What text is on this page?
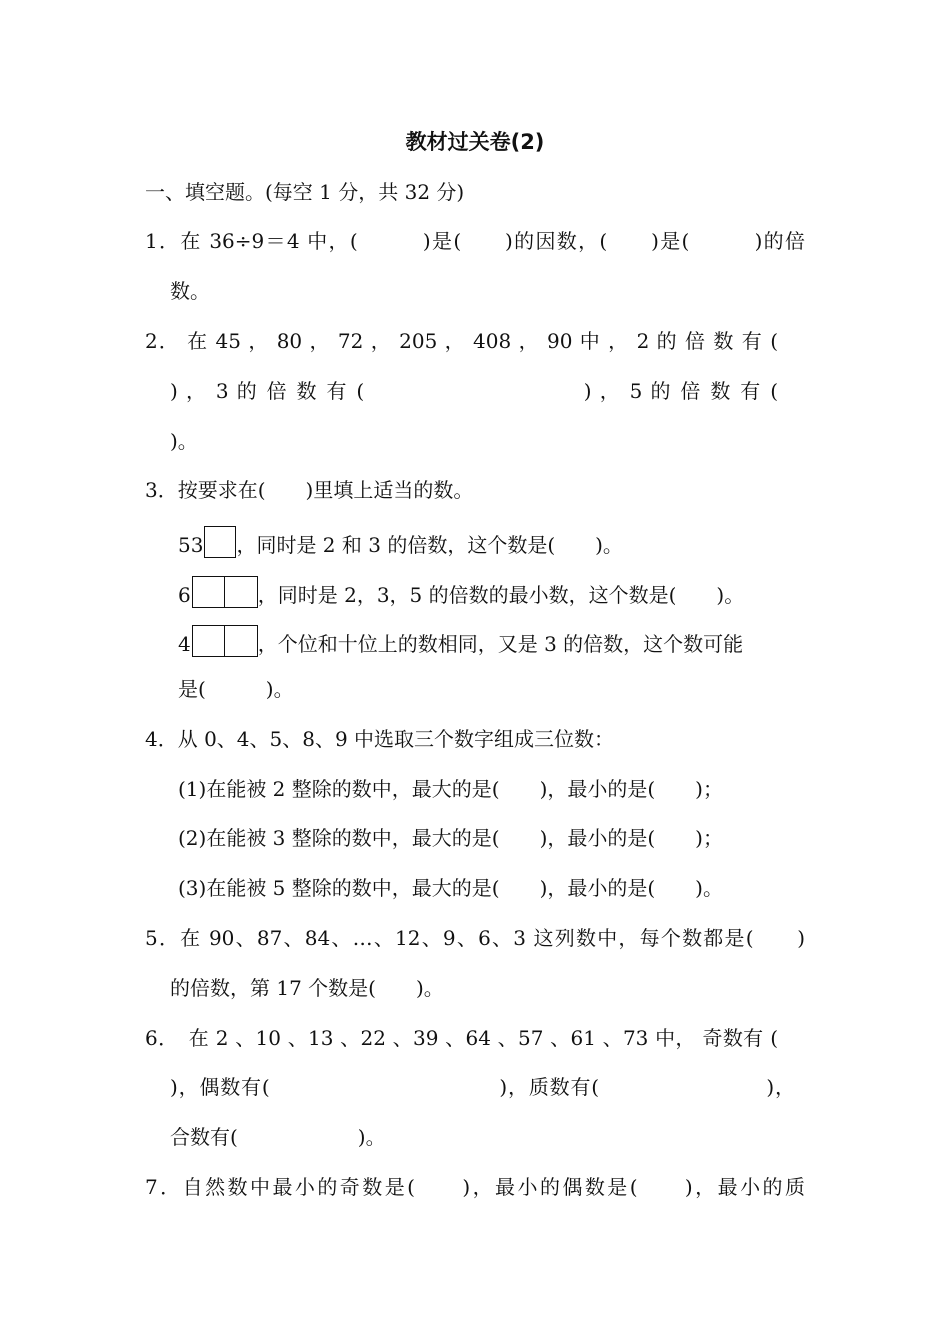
教材过关卷(2)
一、填空题。(每空 1 分，共 32 分)
1．在 36÷9＝4 中，(　　　)是(　　)的因数，(　　)是(　　　)的倍
数。
2． 在 45 ， 80 ， 72 ， 205 ， 408 ， 90 中 ， 2 的 倍 数 有 (
) ， 3 的 倍 数 有 (　　　　　　　　　　) ， 5 的 倍 数 有 (
)。
3．按要求在(　　)里填上适当的数。
53 ，同时是 2 和 3 的倍数，这个数是(　　)。
6	，同时是 2，3，5 的倍数的最小数，这个数是(　　)。
4	，个位和十位上的数相同，又是 3 的倍数，这个数可能
是(　　　)。
4．从 0、4、5、8、9 中选取三个数字组成三位数：
(1)在能被 2 整除的数中，最大的是(　　)，最小的是(　　)；
(2)在能被 3 整除的数中，最大的是(　　)，最小的是(　　)；
(3)在能被 5 整除的数中，最大的是(　　)，最小的是(　　)。
5．在 90、87、84、…、12、9、6、3 这列数中，每个数都是(　　)
的倍数，第 17 个数是(　　)。
6．　在 2 、10 、13 、22 、39 、64 、57 、61 、73 中， 奇数有 (
)，偶数有(　　　　　　　　　　　)，质数有(　　　　　　　　)，
合数有(　　　　　　)。
7．自然数中最小的奇数是(　　)，最小的偶数是(　　)，最小的质
